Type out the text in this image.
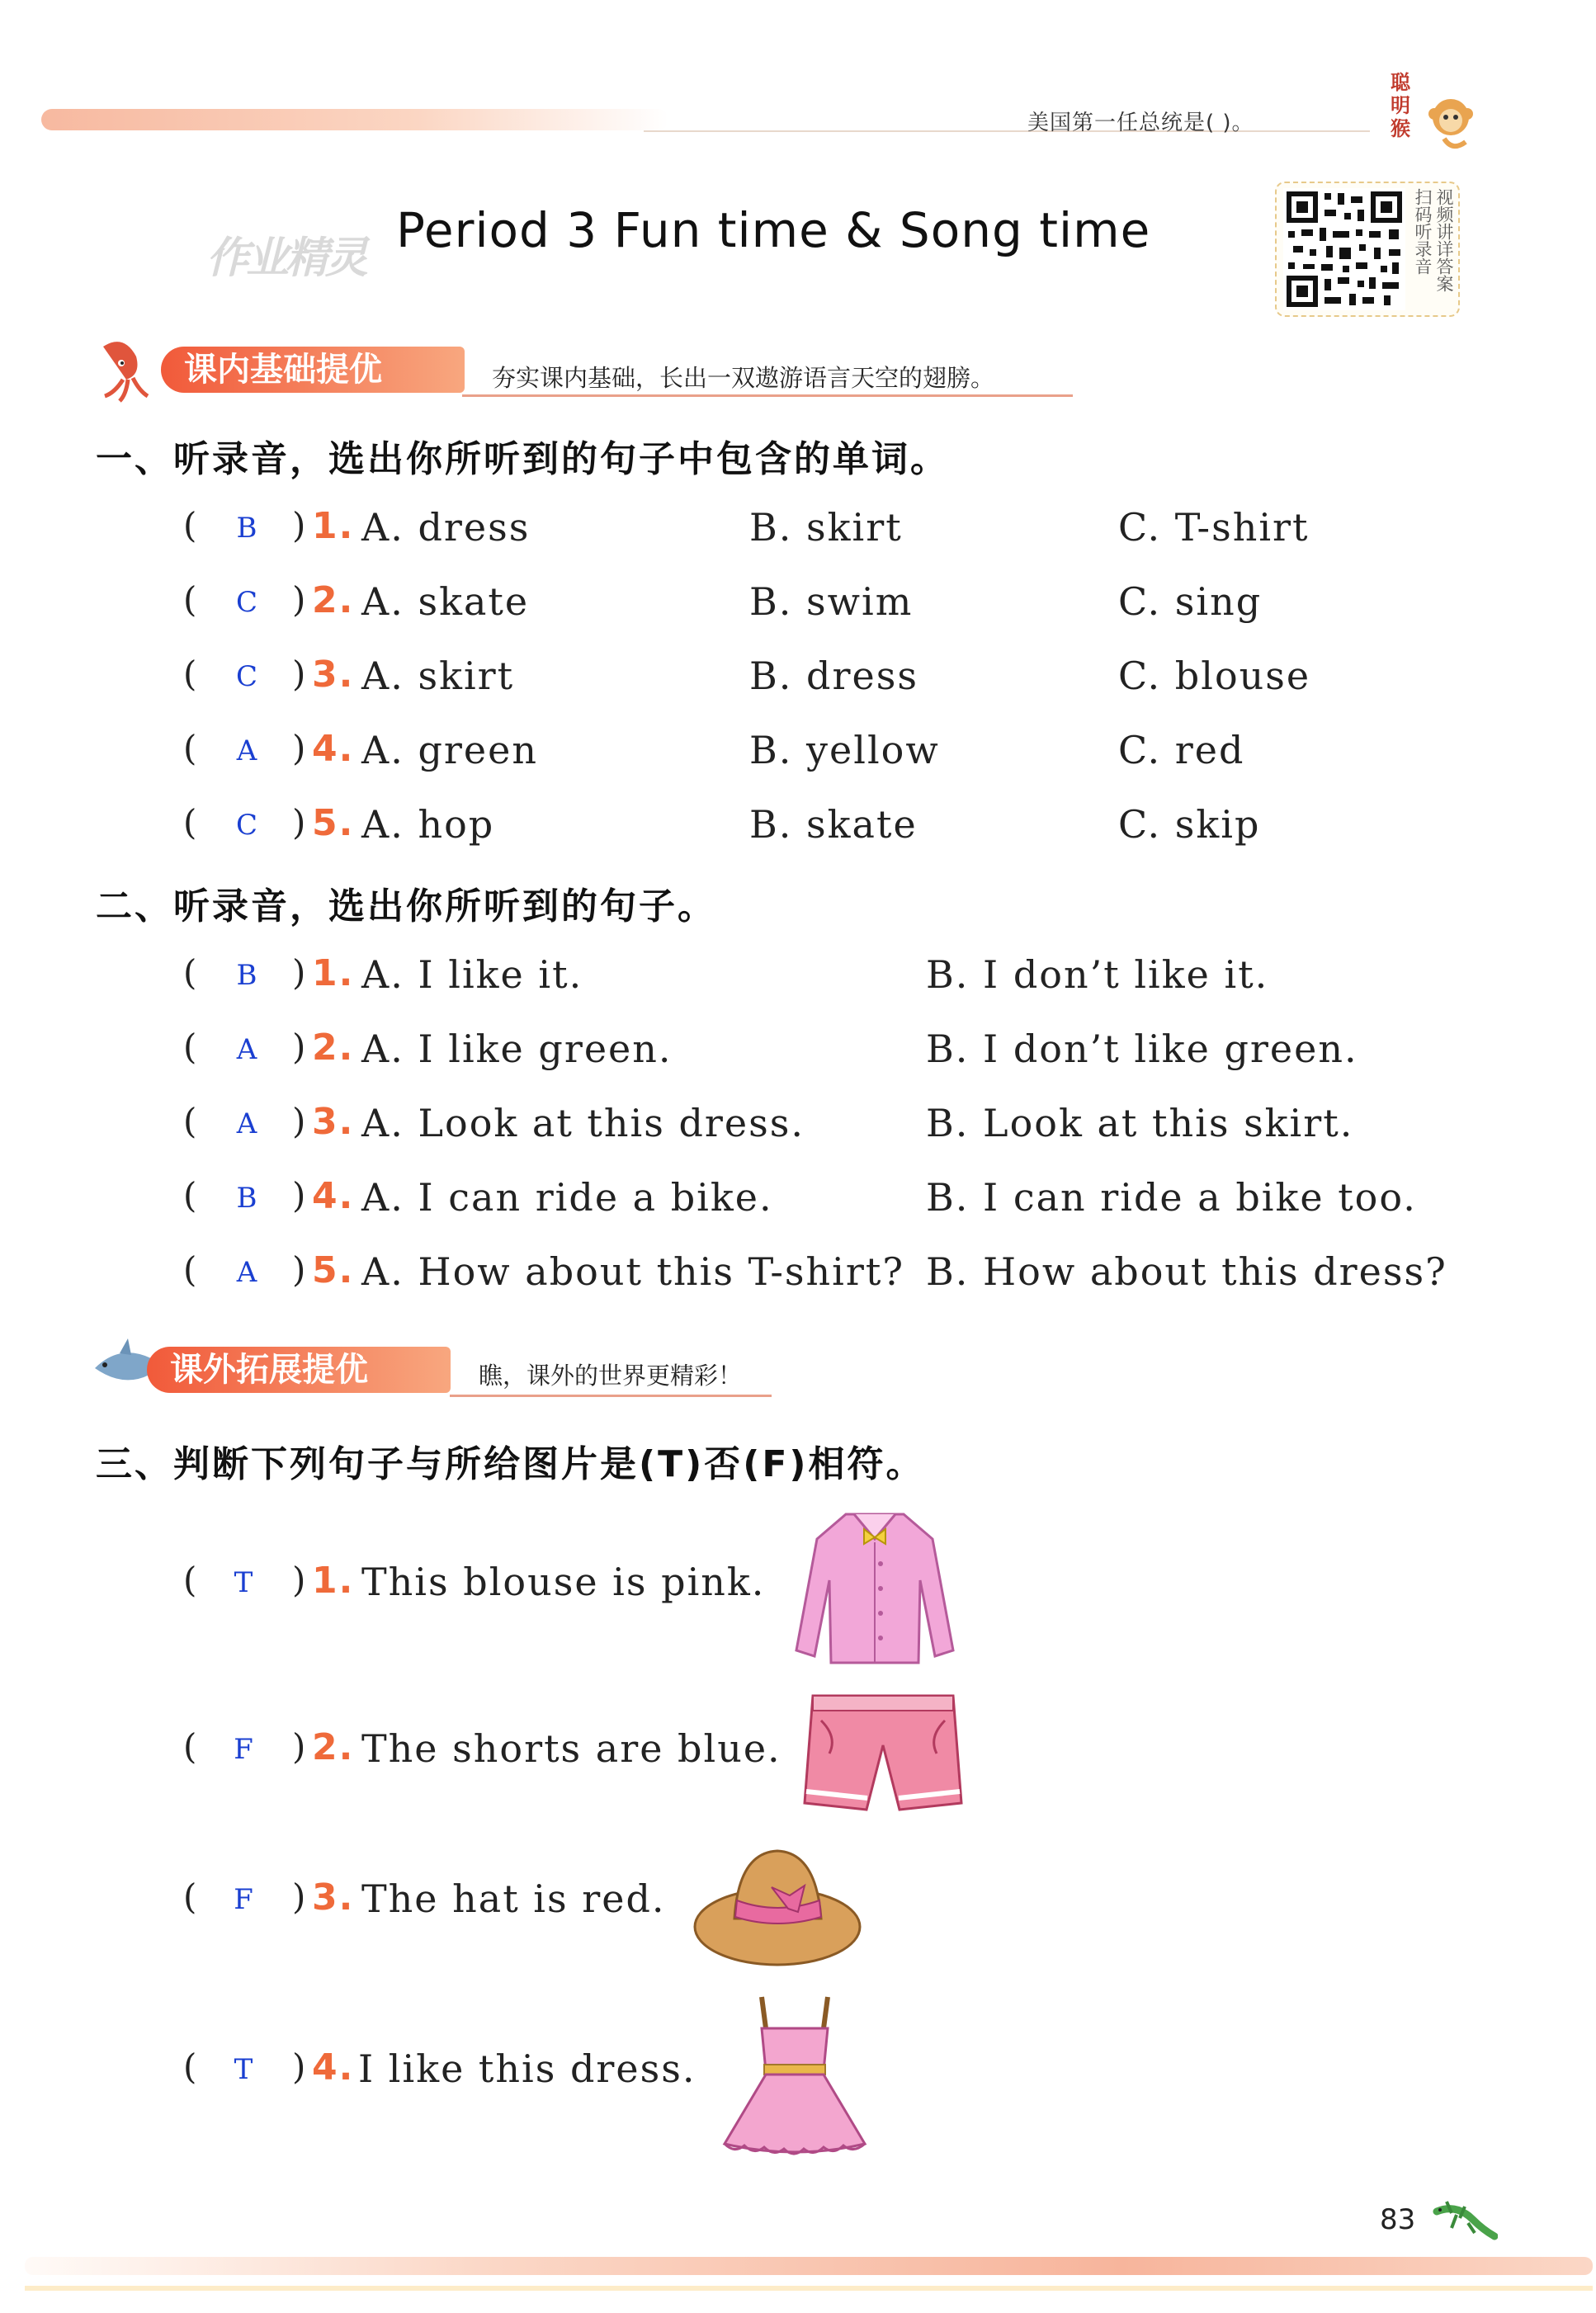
美国第一任总统是( )。
聪明猴
作业精灵 Period 3 Fun time & Song time	扫码听录音 视频讲详答案
课内基础提优	夯实课内基础，长出一双遨游语言天空的翅膀。
一、听录音，选出你所听到的句子中包含的单词。
(	B ) 1. A. dress	B. skirt	C. T-shirt
(	C ) 2. A. skate	B. swim	C. sing
(	C ) 3. A. skirt	B. dress	C. blouse
(	A ) 4. A. green	B. yellow	C. red
(	C ) 5. A. hop	B. skate	C. skip
二、听录音，选出你所听到的句子。
(	B ) 1. A. I like it.	B. I don’t like it.
(	A ) 2. A. I like green.	B. I don’t like green.
(	A ) 3. A. Look at this dress.	B. Look at this skirt.
(	B ) 4. A. I can ride a bike.	B. I can ride a bike too.
(	A ) 5. A. How about this T-shirt? B. How about this dress?
课外拓展提优	瞧，课外的世界更精彩！
三、判断下列句子与所给图片是(T)否(F)相符。
(	T	) 1. This blouse is pink.
(	F	) 2. The shorts are blue.
(	F	) 3. The hat is red.
(	T	) 4. I like this dress.
83
